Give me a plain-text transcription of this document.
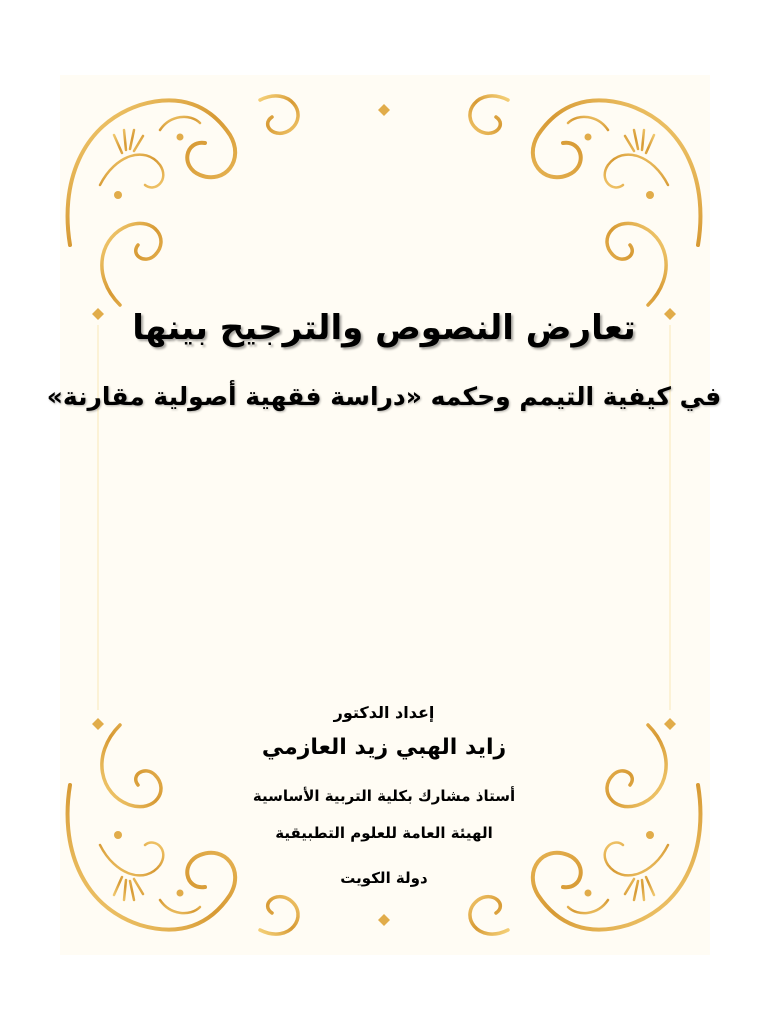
تعارض النصوص والترجيح بينها
في كيفية التيمم وحكمه «دراسة فقهية أصولية مقارنة»
إعداد الدكتور
زايد الهبي زيد العازمي
أستاذ مشارك بكلية التربية الأساسية
الهيئة العامة للعلوم التطبيقية
دولة الكويت
